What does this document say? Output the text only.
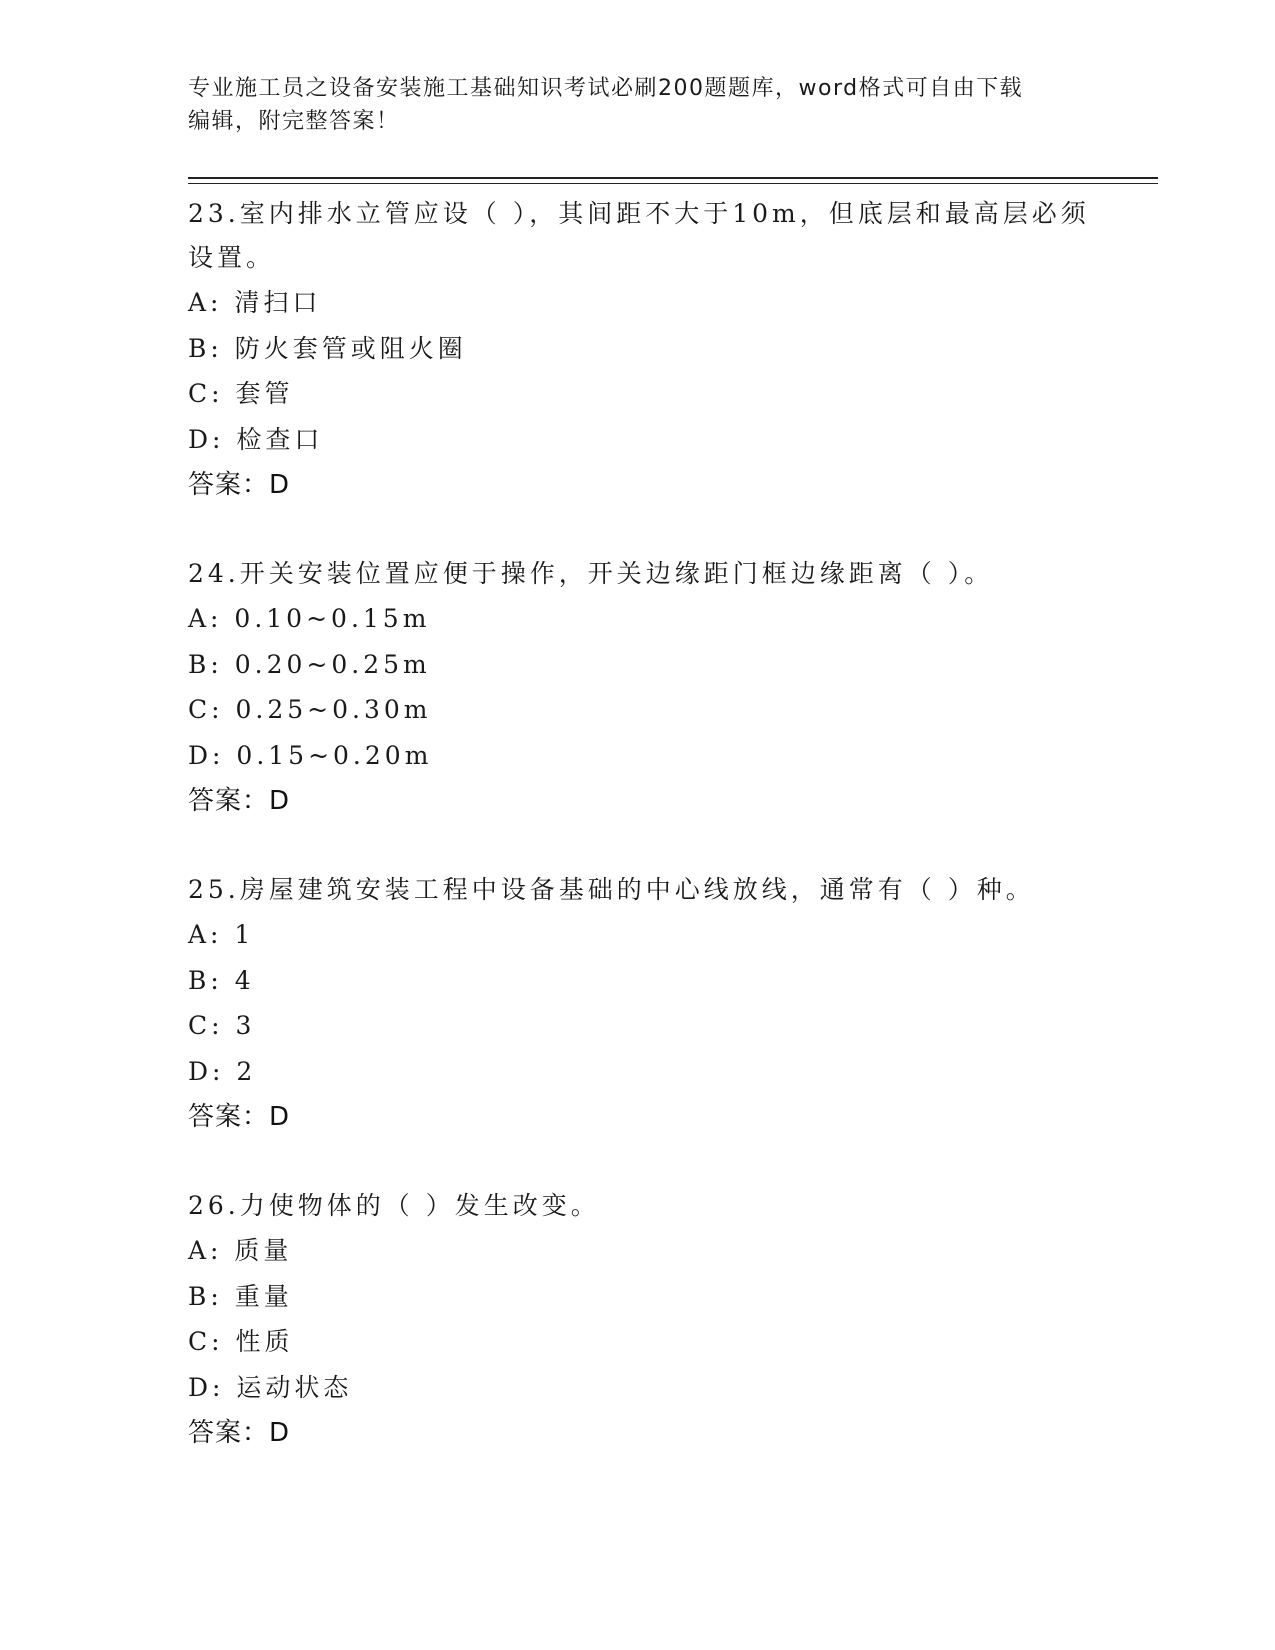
专业施工员之设备安装施工基础知识考试必刷200题题库，word格式可自由下载
编辑，附完整答案！
23.室内排水立管应设（ ），其间距不大于10m，但底层和最高层必须设置。
A: 清扫口
B: 防火套管或阻火圈
C: 套管
D: 检查口
答案：D
24.开关安装位置应便于操作，开关边缘距门框边缘距离（ ）。
A: 0.10~0.15m
B: 0.20~0.25m
C: 0.25~0.30m
D: 0.15~0.20m
答案：D
25.房屋建筑安装工程中设备基础的中心线放线，通常有（ ）种。
A: 1
B: 4
C: 3
D: 2
答案：D
26.力使物体的（ ）发生改变。
A: 质量
B: 重量
C: 性质
D: 运动状态
答案：D
